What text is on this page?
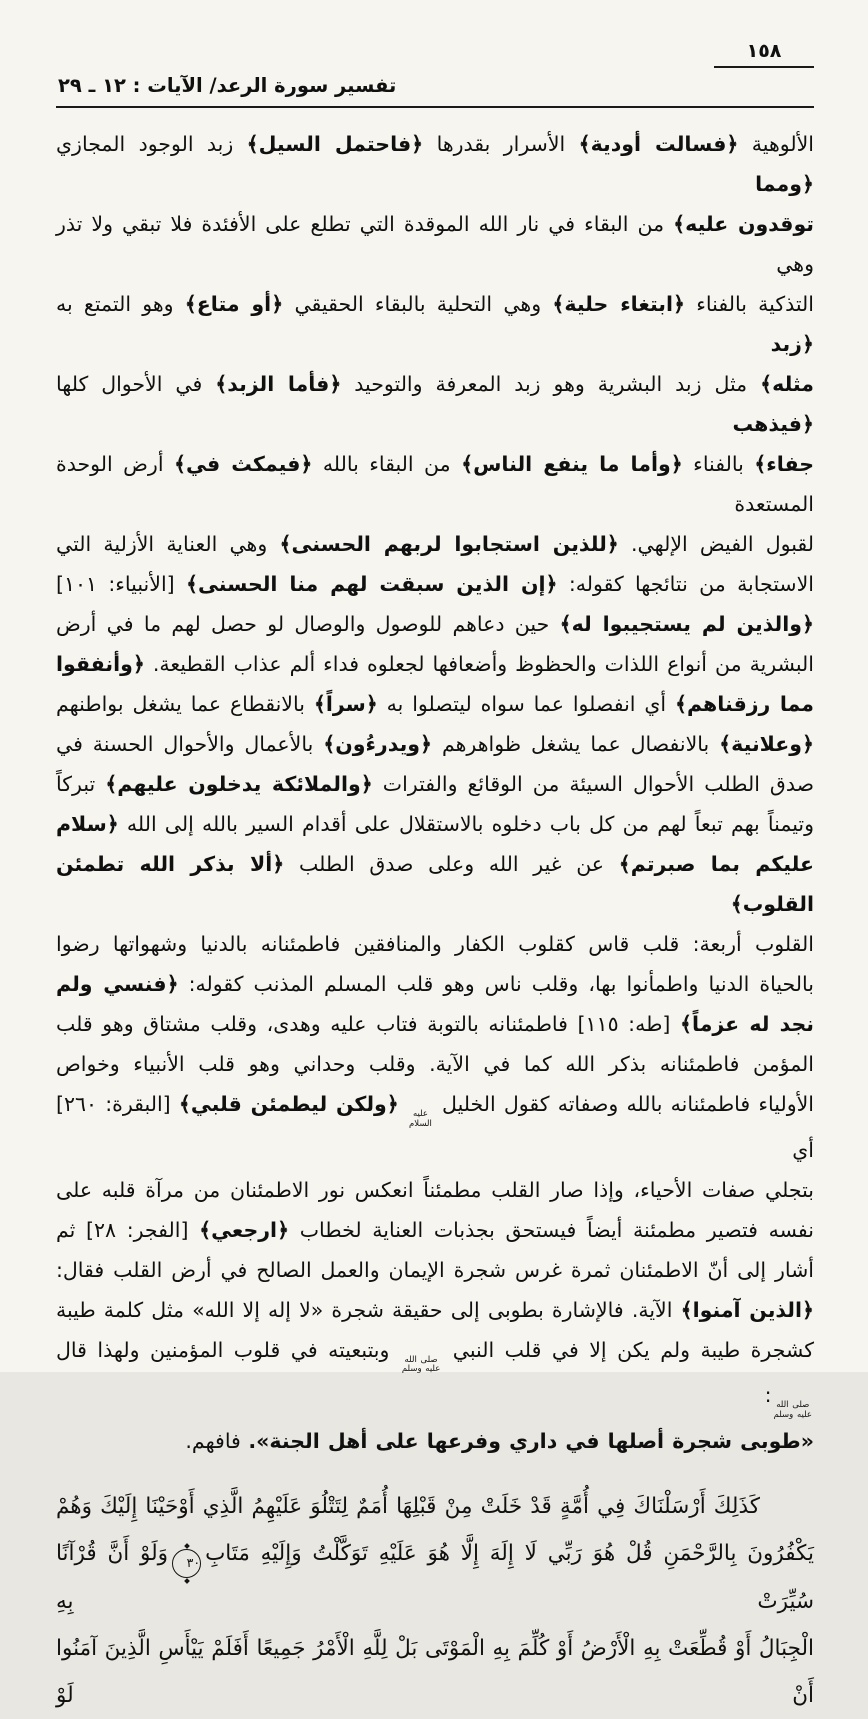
١٥٨
تفسير سورة الرعد/ الآيات : ١٢ ـ ٢٩
الألوهية ﴿فسالت أودية﴾ الأسرار بقدرها ﴿فاحتمل السيل﴾ زبد الوجود المجازي ﴿ومما
توقدون عليه﴾ من البقاء في نار الله الموقدة التي تطلع على الأفئدة فلا تبقي ولا تذر وهي
التذكية بالفناء ﴿ابتغاء حلية﴾ وهي التحلية بالبقاء الحقيقي ﴿أو متاع﴾ وهو التمتع به ﴿زبد
مثله﴾ مثل زبد البشرية وهو زبد المعرفة والتوحيد ﴿فأما الزبد﴾ في الأحوال كلها ﴿فيذهب
جفاء﴾ بالفناء ﴿وأما ما ينفع الناس﴾ من البقاء بالله ﴿فيمكث في﴾ أرض الوحدة المستعدة
لقبول الفيض الإلهي. ﴿للذين استجابوا لربهم الحسنى﴾ وهي العناية الأزلية التي
الاستجابة من نتائجها كقوله: ﴿إن الذين سبقت لهم منا الحسنى﴾ [الأنبياء: ١٠١]
﴿والذين لم يستجيبوا له﴾ حين دعاهم للوصول والوصال لو حصل لهم ما في أرض
البشرية من أنواع اللذات والحظوظ وأضعافها لجعلوه فداء ألم عذاب القطيعة. ﴿وأنفقوا
مما رزقناهم﴾ أي انفصلوا عما سواه ليتصلوا به ﴿سراً﴾ بالانقطاع عما يشغل بواطنهم
﴿وعلانية﴾ بالانفصال عما يشغل ظواهرهم ﴿ويدرءُون﴾ بالأعمال والأحوال الحسنة في
صدق الطلب الأحوال السيئة من الوقائع والفترات ﴿والملائكة يدخلون عليهم﴾ تبركاً
وتيمناً بهم تبعاً لهم من كل باب دخلوه بالاستقلال على أقدام السير بالله إلى الله ﴿سلام
عليكم بما صبرتم﴾ عن غير الله وعلى صدق الطلب ﴿ألا بذكر الله تطمئن القلوب﴾
القلوب أربعة: قلب قاس كقلوب الكفار والمنافقين فاطمئنانه بالدنيا وشهواتها رضوا
بالحياة الدنيا واطمأنوا بها، وقلب ناس وهو قلب المسلم المذنب كقوله: ﴿فنسي ولم
نجد له عزماً﴾ [طه: ١١٥] فاطمئنانه بالتوبة فتاب عليه وهدى، وقلب مشتاق وهو قلب
المؤمن فاطمئنانه بذكر الله كما في الآية. وقلب وحداني وهو قلب الأنبياء وخواص
الأولياء فاطمئنانه بالله وصفاته كقول الخليل
عليه
السلام
﴿ولكن ليطمئن قلبي﴾ [البقرة: ٢٦٠] أي
بتجلي صفات الأحياء، وإذا صار القلب مطمئناً انعكس نور الاطمئنان من مرآة قلبه على
نفسه فتصير مطمئنة أيضاً فيستحق بجذبات العناية لخطاب ﴿ارجعي﴾ [الفجر: ٢٨] ثم
أشار إلى أنّ الاطمئنان ثمرة غرس شجرة الإيمان والعمل الصالح في أرض القلب فقال:
﴿الذين آمنوا﴾ الآية. فالإشارة بطوبى إلى حقيقة شجرة «لا إله إلا الله» مثل كلمة طيبة
كشجرة طيبة ولم يكن إلا في قلب النبي
صلى الله
عليه وسلم
وبتبعيته في قلوب المؤمنين ولهذا قال
صلى الله
عليه وسلم
:
«طوبى شجرة أصلها في داري وفرعها على أهل الجنة». فافهم.
كَذَلِكَ أَرْسَلْنَاكَ فِي أُمَّةٍ قَدْ خَلَتْ مِنْ قَبْلِهَا أُمَمٌ لِتَتْلُوَ عَلَيْهِمُ الَّذِي أَوْحَيْنَا إِلَيْكَ وَهُمْ
يَكْفُرُونَ بِالرَّحْمَنِ قُلْ هُوَ رَبِّي لَا إِلَهَ إِلَّا هُوَ عَلَيْهِ تَوَكَّلْتُ وَإِلَيْهِ مَتَابِ٣٠وَلَوْ أَنَّ قُرْآنًا سُيِّرَتْ بِهِ
الْجِبَالُ أَوْ قُطِّعَتْ بِهِ الْأَرْضُ أَوْ كُلِّمَ بِهِ الْمَوْتَى بَلْ لِلَّهِ الْأَمْرُ جَمِيعًا أَفَلَمْ يَيْأَسِ الَّذِينَ آمَنُوا أَنْ لَوْ
